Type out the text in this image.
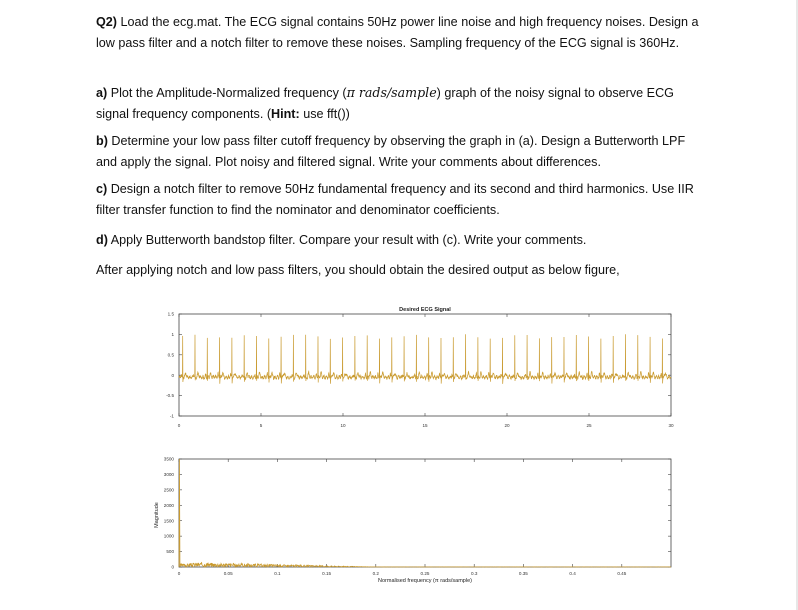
Q2) Load the ecg.mat. The ECG signal contains 50Hz power line noise and high frequency noises. Design a low pass filter and a notch filter to remove these noises. Sampling frequency of the ECG signal is 360Hz.
a) Plot the Amplitude-Normalized frequency (π rads/sample) graph of the noisy signal to observe ECG signal frequency components. (Hint: use fft())
b) Determine your low pass filter cutoff frequency by observing the graph in (a). Design a Butterworth LPF and apply the signal. Plot noisy and filtered signal. Write your comments about differences.
c) Design a notch filter to remove 50Hz fundamental frequency and its second and third harmonics. Use IIR filter transfer function to find the nominator and denominator coefficients.
d) Apply Butterworth bandstop filter. Compare your result with (c). Write your comments.
After applying notch and low pass filters, you should obtain the desired output as below figure,
Desired ECG Signal
0	5	10	15	20	25	30
-1
-0.5
0
0.5
1
1.5
0	0.05	0.1	0.15	0.2	0.25	0.3	0.35	0.4	0.45
0
500
1000
1500
2000
2500
3000
3500
Normalised frequency (π rads/sample)
Magnitude
